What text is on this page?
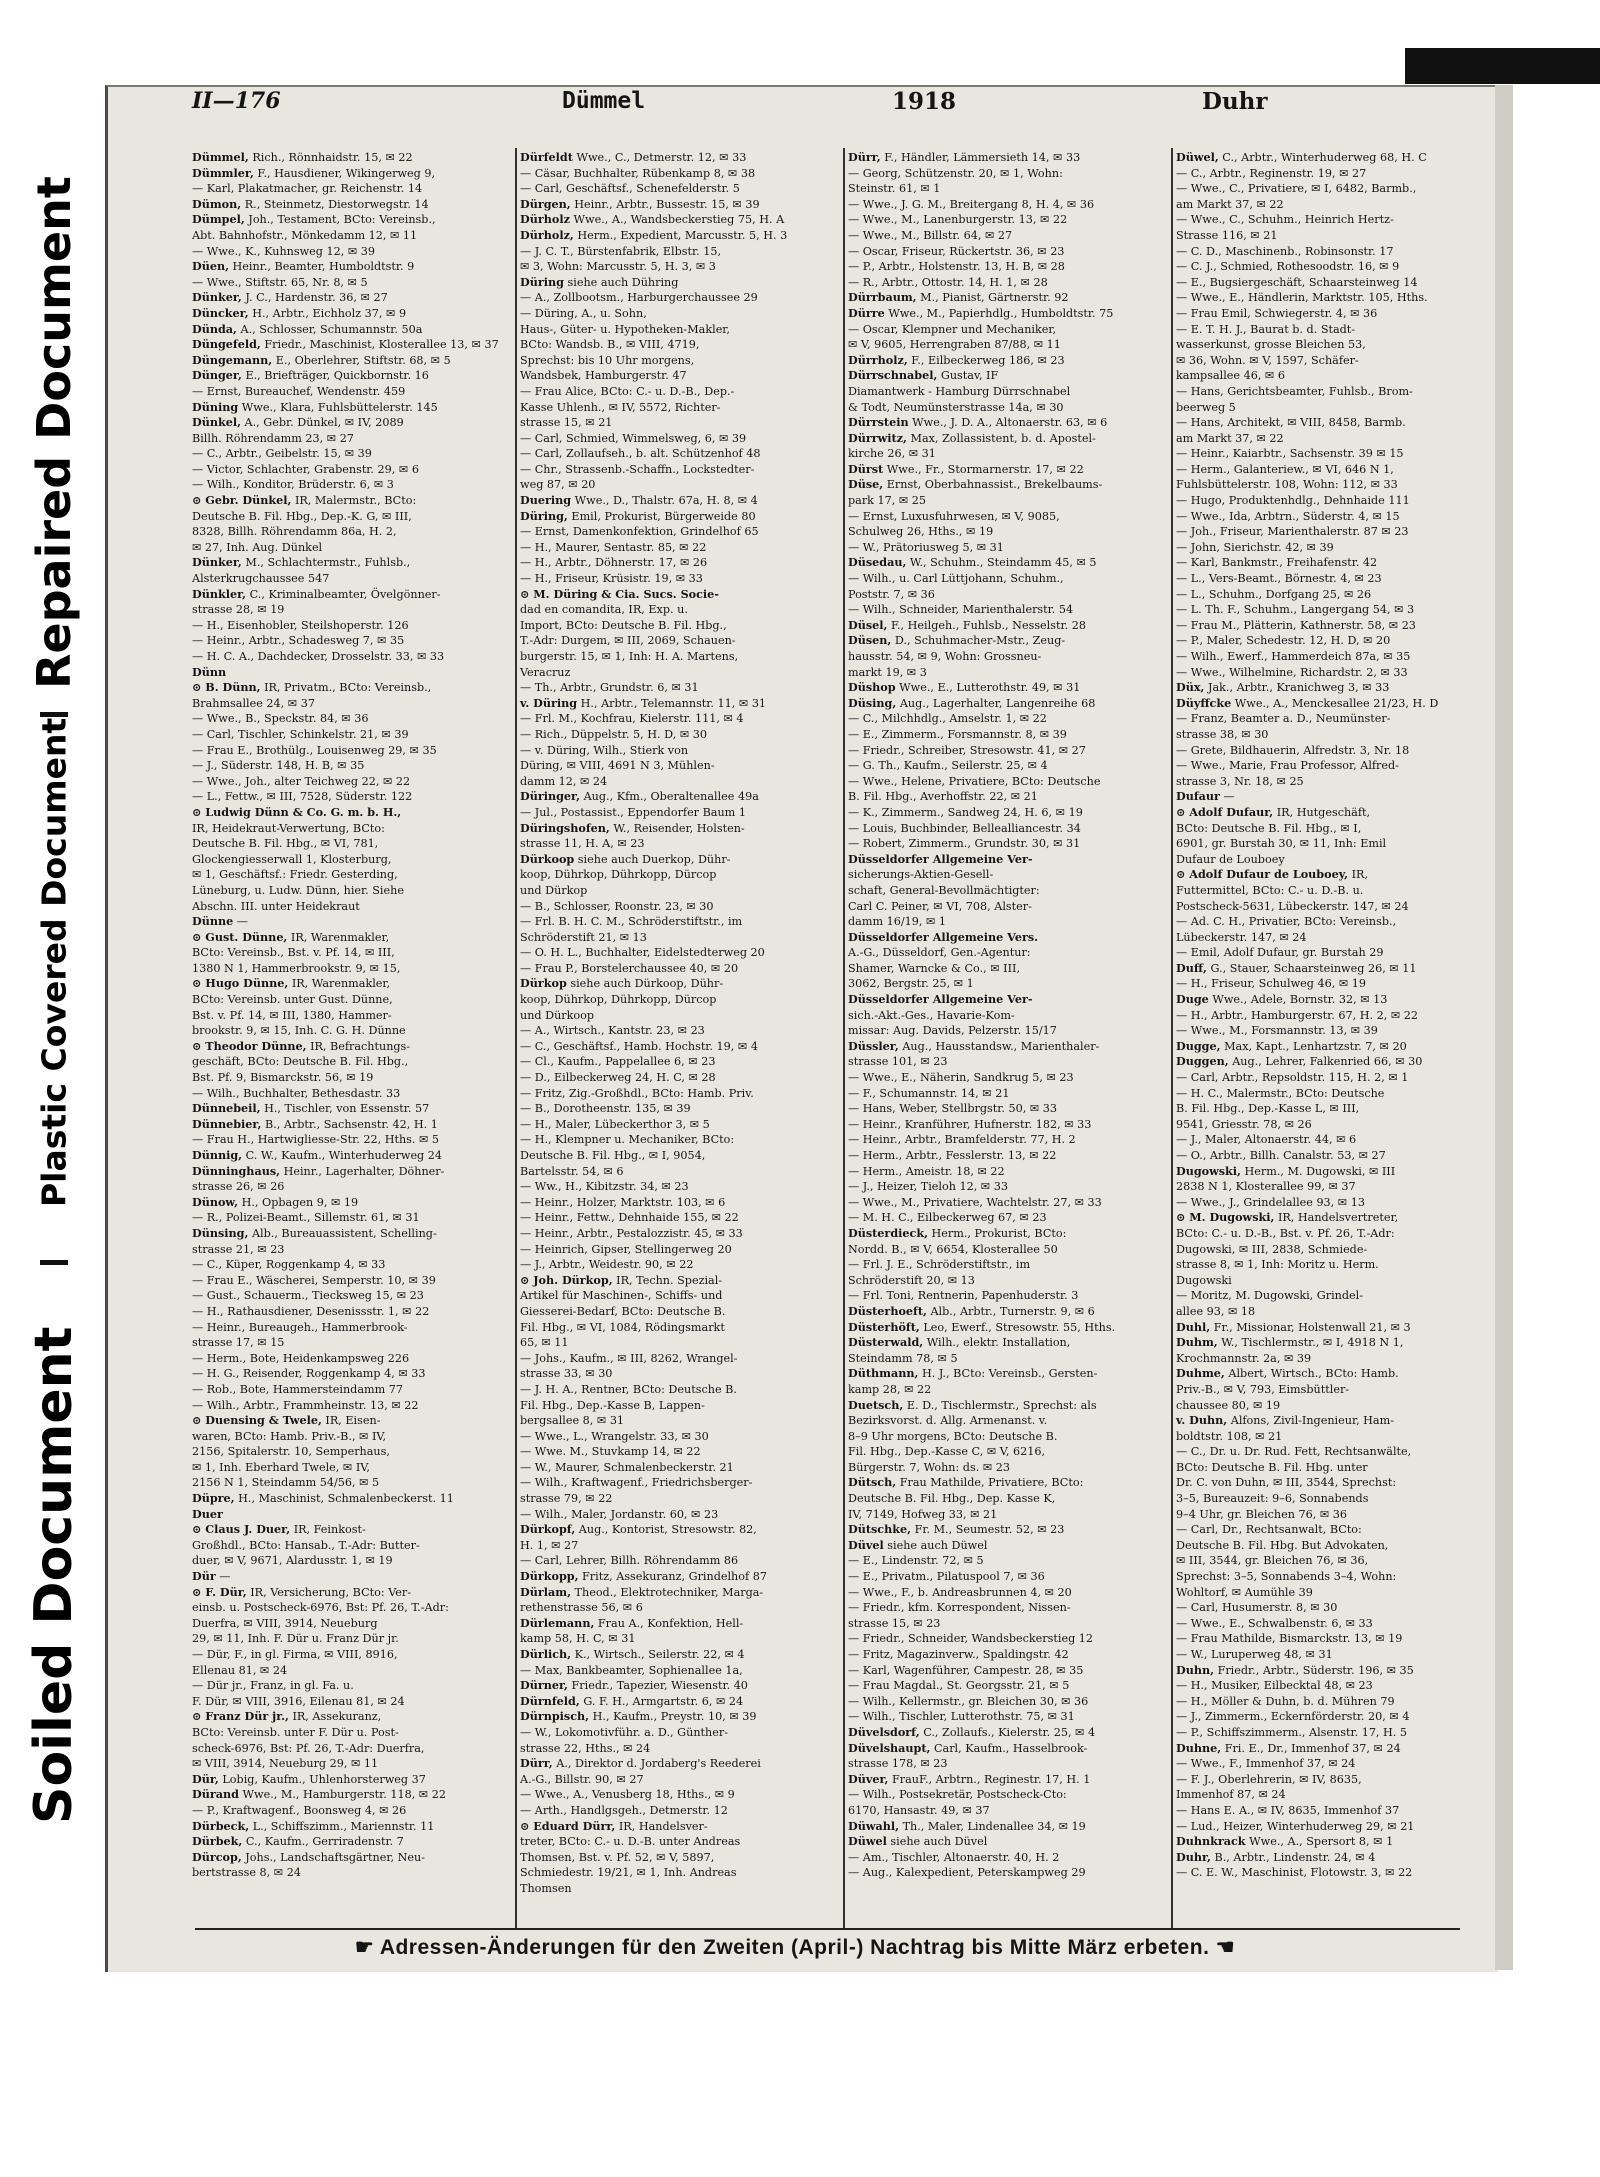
Repaired Document
Plastic Covered Document
Soiled Document
II—176	Dümmel	1918	Duhr

Dümmel, Rich., Rönnhaidstr. 15, ✉ 22

Dümmler, F., Hausdiener, Wikingerweg 9,

— Karl, Plakatmacher, gr. Reichenstr. 14

Dümon, R., Steinmetz, Diestorwegstr. 14

Dümpel, Joh., Testament, BCto: Vereinsb.,

Abt. Bahnhofstr., Mönkedamm 12, ✉ 11

— Wwe., K., Kuhnsweg 12, ✉ 39

Düen, Heinr., Beamter, Humboldtstr. 9

— Wwe., Stiftstr. 65, Nr. 8, ✉ 5

Dünker, J. C., Hardenstr. 36, ✉ 27

Düncker, H., Arbtr., Eichholz 37, ✉ 9

Dünda, A., Schlosser, Schumannstr. 50a

Düngefeld, Friedr., Maschinist, Klosterallee 13, ✉ 37

Düngemann, E., Oberlehrer, Stiftstr. 68, ✉ 5

Dünger, E., Briefträger, Quickbornstr. 16

— Ernst, Bureauchef, Wendenstr. 459

Düning Wwe., Klara, Fuhlsbüttelerstr. 145

Dünkel, A., Gebr. Dünkel, ✉ IV, 2089

Billh. Röhrendamm 23, ✉ 27

— C., Arbtr., Geibelstr. 15, ✉ 39

— Victor, Schlachter, Grabenstr. 29, ✉ 6

— Wilh., Konditor, Brüderstr. 6, ✉ 3

⊙ Gebr. Dünkel, IR, Malermstr., BCto:

Deutsche B. Fil. Hbg., Dep.-K. G, ✉ III,

8328, Billh. Röhrendamm 86a, H. 2,

✉ 27, Inh. Aug. Dünkel

Dünker, M., Schlachtermstr., Fuhlsb.,

Alsterkrugchaussee 547

Dünkler, C., Kriminalbeamter, Övelgönner-

strasse 28, ✉ 19

— H., Eisenhobler, Steilshoperstr. 126

— Heinr., Arbtr., Schadesweg 7, ✉ 35

— H. C. A., Dachdecker, Drosselstr. 33, ✉ 33

Dünn

⊙ B. Dünn, IR, Privatm., BCto: Vereinsb.,

Brahmsallee 24, ✉ 37

— Wwe., B., Speckstr. 84, ✉ 36

— Carl, Tischler, Schinkelstr. 21, ✉ 39

— Frau E., Brothülg., Louisenweg 29, ✉ 35

— J., Süderstr. 148, H. B, ✉ 35

— Wwe., Joh., alter Teichweg 22, ✉ 22

— L., Fettw., ✉ III, 7528, Süderstr. 122

⊙ Ludwig Dünn & Co. G. m. b. H.,

IR, Heidekraut-Verwertung, BCto:

Deutsche B. Fil. Hbg., ✉ VI, 781,

Glockengiesserwall 1, Klosterburg,

✉ 1, Geschäftsf.: Friedr. Gesterding,

Lüneburg, u. Ludw. Dünn, hier. Siehe

Abschn. III. unter Heidekraut

Dünne —

⊙ Gust. Dünne, IR, Warenmakler,

BCto: Vereinsb., Bst. v. Pf. 14, ✉ III,

1380 N 1, Hammerbrookstr. 9, ✉ 15,

⊙ Hugo Dünne, IR, Warenmakler,

BCto: Vereinsb. unter Gust. Dünne,

Bst. v. Pf. 14, ✉ III, 1380, Hammer-

brookstr. 9, ✉ 15, Inh. C. G. H. Dünne

⊙ Theodor Dünne, IR, Befrachtungs-

geschäft, BCto: Deutsche B. Fil. Hbg.,

Bst. Pf. 9, Bismarckstr. 56, ✉ 19

— Wilh., Buchhalter, Bethesdastr. 33

Dünnebeil, H., Tischler, von Essenstr. 57

Dünnebier, B., Arbtr., Sachsenstr. 42, H. 1

— Frau H., Hartwigliesse-Str. 22, Hths. ✉ 5

Dünnig, C. W., Kaufm., Winterhuderweg 24

Dünninghaus, Heinr., Lagerhalter, Döhner-

strasse 26, ✉ 26

Dünow, H., Opbagen 9, ✉ 19

— R., Polizei-Beamt., Sillemstr. 61, ✉ 31

Dünsing, Alb., Bureauassistent, Schelling-

strasse 21, ✉ 23

— C., Küper, Roggenkamp 4, ✉ 33

— Frau E., Wäscherei, Semperstr. 10, ✉ 39

— Gust., Schauerm., Tiecksweg 15, ✉ 23

— H., Rathausdiener, Desenissstr. 1, ✉ 22

— Heinr., Bureaugeh., Hammerbrook-

strasse 17, ✉ 15

— Herm., Bote, Heidenkampsweg 226

— H. G., Reisender, Roggenkamp 4, ✉ 33

— Rob., Bote, Hammersteindamm 77

— Wilh., Arbtr., Frammheinstr. 13, ✉ 22

⊙ Duensing & Twele, IR, Eisen-

waren, BCto: Hamb. Priv.-B., ✉ IV,

2156, Spitalerstr. 10, Semperhaus,

✉ 1, Inh. Eberhard Twele, ✉ IV,

2156 N 1, Steindamm 54/56, ✉ 5

Düpre, H., Maschinist, Schmalenbeckerst. 11

Duer

⊙ Claus J. Duer, IR, Feinkost-

Großhdl., BCto: Hansab., T.-Adr: Butter-

duer, ✉ V, 9671, Alardusstr. 1, ✉ 19

Dür —

⊙ F. Dür, IR, Versicherung, BCto: Ver-

einsb. u. Postscheck-6976, Bst: Pf. 26, T.-Adr:

Duerfra, ✉ VIII, 3914, Neueburg

29, ✉ 11, Inh. F. Dür u. Franz Dür jr.

— Dür, F., in gl. Firma, ✉ VIII, 8916,

Ellenau 81, ✉ 24

— Dür jr., Franz, in gl. Fa. u.

F. Dür, ✉ VIII, 3916, Eilenau 81, ✉ 24

⊙ Franz Dür jr., IR, Assekuranz,

BCto: Vereinsb. unter F. Dür u. Post-

scheck-6976, Bst: Pf. 26, T.-Adr: Duerfra,

✉ VIII, 3914, Neueburg 29, ✉ 11

Dür, Lobig, Kaufm., Uhlenhorsterweg 37

Dürand Wwe., M., Hamburgerstr. 118, ✉ 22

— P., Kraftwagenf., Boonsweg 4, ✉ 26

Dürbeck, L., Schiffszimm., Mariennstr. 11

Dürbek, C., Kaufm., Gerriradenstr. 7

Dürcop, Johs., Landschaftsgärtner, Neu-

bertstrasse 8, ✉ 24

Dürfeldt Wwe., C., Detmerstr. 12, ✉ 33

— Cäsar, Buchhalter, Rübenkamp 8, ✉ 38

— Carl, Geschäftsf., Schenefelderstr. 5

Dürgen, Heinr., Arbtr., Bussestr. 15, ✉ 39

Dürholz Wwe., A., Wandsbeckerstieg 75, H. A

Dürholz, Herm., Expedient, Marcusstr. 5, H. 3

— J. C. T., Bürstenfabrik, Elbstr. 15,

✉ 3, Wohn: Marcusstr. 5, H. 3, ✉ 3

Düring siehe auch Dühring

— A., Zollbootsm., Harburgerchaussee 29

— Düring, A., u. Sohn,

Haus-, Güter- u. Hypotheken-Makler,

BCto: Wandsb. B., ✉ VIII, 4719,

Sprechst: bis 10 Uhr morgens,

Wandsbek, Hamburgerstr. 47

— Frau Alice, BCto: C.- u. D.-B., Dep.-

Kasse Uhlenh., ✉ IV, 5572, Richter-

strasse 15, ✉ 21

— Carl, Schmied, Wimmelsweg, 6, ✉ 39

— Carl, Zollaufseh., b. alt. Schützenhof 48

— Chr., Strassenb.-Schaffn., Lockstedter-

weg 87, ✉ 20

Duering Wwe., D., Thalstr. 67a, H. 8, ✉ 4

Düring, Emil, Prokurist, Bürgerweide 80

— Ernst, Damenkonfektion, Grindelhof 65

— H., Maurer, Sentastr. 85, ✉ 22

— H., Arbtr., Döhnerstr. 17, ✉ 26

— H., Friseur, Krüsistr. 19, ✉ 33

⊙ M. Düring & Cia. Sucs. Socie-

dad en comandita, IR, Exp. u.

Import, BCto: Deutsche B. Fil. Hbg.,

T.-Adr: Durgem, ✉ III, 2069, Schauen-

burgerstr. 15, ✉ 1, Inh: H. A. Martens,

Veracruz

— Th., Arbtr., Grundstr. 6, ✉ 31

v. Düring H., Arbtr., Telemannstr. 11, ✉ 31

— Frl. M., Kochfrau, Kielerstr. 111, ✉ 4

— Rich., Düppelstr. 5, H. D, ✉ 30

— v. Düring, Wilh., Stierk von

Düring, ✉ VIII, 4691 N 3, Mühlen-

damm 12, ✉ 24

Düringer, Aug., Kfm., Oberaltenallee 49a

— Jul., Postassist., Eppendorfer Baum 1

Düringshofen, W., Reisender, Holsten-

strasse 11, H. A, ✉ 23

Dürkoop siehe auch Duerkop, Dühr-

koop, Dührkop, Dührkopp, Dürcop

und Dürkop

— B., Schlosser, Roonstr. 23, ✉ 30

— Frl. B. H. C. M., Schröderstiftstr., im

Schröderstift 21, ✉ 13

— O. H. L., Buchhalter, Eidelstedterweg 20

— Frau P., Borstelerchaussee 40, ✉ 20

Dürkop siehe auch Dürkoop, Dühr-

koop, Dührkop, Dührkopp, Dürcop

und Dürkoop

— A., Wirtsch., Kantstr. 23, ✉ 23

— C., Geschäftsf., Hamb. Hochstr. 19, ✉ 4

— Cl., Kaufm., Pappelallee 6, ✉ 23

— D., Eilbeckerweg 24, H. C, ✉ 28

— Fritz, Zig.-Großhdl., BCto: Hamb. Priv.

— B., Dorotheenstr. 135, ✉ 39

— H., Maler, Lübeckerthor 3, ✉ 5

— H., Klempner u. Mechaniker, BCto:

Deutsche B. Fil. Hbg., ✉ I, 9054,

Bartelsstr. 54, ✉ 6

— Ww., H., Kibitzstr. 34, ✉ 23

— Heinr., Holzer, Marktstr. 103, ✉ 6

— Heinr., Fettw., Dehnhaide 155, ✉ 22

— Heinr., Arbtr., Pestalozzistr. 45, ✉ 33

— Heinrich, Gipser, Stellingerweg 20

— J., Arbtr., Weidestr. 90, ✉ 22

⊙ Joh. Dürkop, IR, Techn. Spezial-

Artikel für Maschinen-, Schiffs- und

Giesserei-Bedarf, BCto: Deutsche B.

Fil. Hbg., ✉ VI, 1084, Rödingsmarkt

65, ✉ 11

— Johs., Kaufm., ✉ III, 8262, Wrangel-

strasse 33, ✉ 30

— J. H. A., Rentner, BCto: Deutsche B.

Fil. Hbg., Dep.-Kasse B, Lappen-

bergsallee 8, ✉ 31

— Wwe., L., Wrangelstr. 33, ✉ 30

— Wwe. M., Stuvkamp 14, ✉ 22

— W., Maurer, Schmalenbeckerstr. 21

— Wilh., Kraftwagenf., Friedrichsberger-

strasse 79, ✉ 22

— Wilh., Maler, Jordanstr. 60, ✉ 23

Dürkopf, Aug., Kontorist, Stresowstr. 82,

H. 1, ✉ 27

— Carl, Lehrer, Billh. Röhrendamm 86

Dürkopp, Fritz, Assekuranz, Grindelhof 87

Dürlam, Theod., Elektrotechniker, Marga-

rethenstrasse 56, ✉ 6

Dürlemann, Frau A., Konfektion, Hell-

kamp 58, H. C, ✉ 31

Dürlich, K., Wirtsch., Seilerstr. 22, ✉ 4

— Max, Bankbeamter, Sophienallee 1a,

Dürner, Friedr., Tapezier, Wiesenstr. 40

Dürnfeld, G. F. H., Armgartstr. 6, ✉ 24

Dürnpisch, H., Kaufm., Preystr. 10, ✉ 39

— W., Lokomotivführ. a. D., Günther-

strasse 22, Hths., ✉ 24

Dürr, A., Direktor d. Jordaberg's Reederei

A.-G., Billstr. 90, ✉ 27

— Wwe., A., Venusberg 18, Hths., ✉ 9

— Arth., Handlgsgeh., Detmerstr. 12

⊙ Eduard Dürr, IR, Handelsver-

treter, BCto: C.- u. D.-B. unter Andreas

Thomsen, Bst. v. Pf. 52, ✉ V, 5897,

Schmiedestr. 19/21, ✉ 1, Inh. Andreas

Thomsen

Dürr, F., Händler, Lämmersieth 14, ✉ 33

— Georg, Schützenstr. 20, ✉ 1, Wohn:

Steinstr. 61, ✉ 1

— Wwe., J. G. M., Breitergang 8, H. 4, ✉ 36

— Wwe., M., Lanenburgerstr. 13, ✉ 22

— Wwe., M., Billstr. 64, ✉ 27

— Oscar, Friseur, Rückertstr. 36, ✉ 23

— P., Arbtr., Holstenstr. 13, H. B, ✉ 28

— R., Arbtr., Ottostr. 14, H. 1, ✉ 28

Dürrbaum, M., Pianist, Gärtnerstr. 92

Dürre Wwe., M., Papierhdlg., Humboldtstr. 75

— Oscar, Klempner und Mechaniker,

✉ V, 9605, Herrengraben 87/88, ✉ 11

Dürrholz, F., Eilbeckerweg 186, ✉ 23

Dürrschnabel, Gustav, IF

Diamantwerk - Hamburg Dürrschnabel

& Todt, Neumünsterstrasse 14a, ✉ 30

Dürrstein Wwe., J. D. A., Altonaerstr. 63, ✉ 6

Dürrwitz, Max, Zollassistent, b. d. Apostel-

kirche 26, ✉ 31

Dürst Wwe., Fr., Stormarnerstr. 17, ✉ 22

Düse, Ernst, Oberbahnassist., Brekelbaums-

park 17, ✉ 25

— Ernst, Luxusfuhrwesen, ✉ V, 9085,

Schulweg 26, Hths., ✉ 19

— W., Prätoriusweg 5, ✉ 31

Düsedau, W., Schuhm., Steindamm 45, ✉ 5

— Wilh., u. Carl Lüttjohann, Schuhm.,

Poststr. 7, ✉ 36

— Wilh., Schneider, Marienthalerstr. 54

Düsel, F., Heilgeh., Fuhlsb., Nesselstr. 28

Düsen, D., Schuhmacher-Mstr., Zeug-

hausstr. 54, ✉ 9, Wohn: Grossneu-

markt 19, ✉ 3

Düshop Wwe., E., Lutterothstr. 49, ✉ 31

Düsing, Aug., Lagerhalter, Langenreihe 68

— C., Milchhdlg., Amselstr. 1, ✉ 22

— E., Zimmerm., Forsmannstr. 8, ✉ 39

— Friedr., Schreiber, Stresowstr. 41, ✉ 27

— G. Th., Kaufm., Seilerstr. 25, ✉ 4

— Wwe., Helene, Privatiere, BCto: Deutsche

B. Fil. Hbg., Averhoffstr. 22, ✉ 21

— K., Zimmerm., Sandweg 24, H. 6, ✉ 19

— Louis, Buchbinder, Bellealliancestr. 34

— Robert, Zimmerm., Grundstr. 30, ✉ 31

Düsseldorfer Allgemeine Ver-

sicherungs-Aktien-Gesell-

schaft, General-Bevollmächtigter:

Carl C. Peiner, ✉ VI, 708, Alster-

damm 16/19, ✉ 1

Düsseldorfer Allgemeine Vers.

A.-G., Düsseldorf, Gen.-Agentur:

Shamer, Warncke & Co., ✉ III,

3062, Bergstr. 25, ✉ 1

Düsseldorfer Allgemeine Ver-

sich.-Akt.-Ges., Havarie-Kom-

missar: Aug. Davids, Pelzerstr. 15/17

Düssler, Aug., Hausstandsw., Marienthaler-

strasse 101, ✉ 23

— Wwe., E., Näherin, Sandkrug 5, ✉ 23

— F., Schumannstr. 14, ✉ 21

— Hans, Weber, Stellbrgstr. 50, ✉ 33

— Heinr., Kranführer, Hufnerstr. 182, ✉ 33

— Heinr., Arbtr., Bramfelderstr. 77, H. 2

— Herm., Arbtr., Fesslerstr. 13, ✉ 22

— Herm., Ameistr. 18, ✉ 22

— J., Heizer, Tieloh 12, ✉ 33

— Wwe., M., Privatiere, Wachtelstr. 27, ✉ 33

— M. H. C., Eilbeckerweg 67, ✉ 23

Düsterdieck, Herm., Prokurist, BCto:

Nordd. B., ✉ V, 6654, Klosterallee 50

— Frl. J. E., Schröderstiftstr., im

Schröderstift 20, ✉ 13

— Frl. Toni, Rentnerin, Papenhuderstr. 3

Düsterhoeft, Alb., Arbtr., Turnerstr. 9, ✉ 6

Düsterhöft, Leo, Ewerf., Stresowstr. 55, Hths.

Düsterwald, Wilh., elektr. Installation,

Steindamm 78, ✉ 5

Düthmann, H. J., BCto: Vereinsb., Gersten-

kamp 28, ✉ 22

Duetsch, E. D., Tischlermstr., Sprechst: als

Bezirksvorst. d. Allg. Armenanst. v.

8–9 Uhr morgens, BCto: Deutsche B.

Fil. Hbg., Dep.-Kasse C, ✉ V, 6216,

Bürgerstr. 7, Wohn: ds. ✉ 23

Dütsch, Frau Mathilde, Privatiere, BCto:

Deutsche B. Fil. Hbg., Dep. Kasse K,

IV, 7149, Hofweg 33, ✉ 21

Dütschke, Fr. M., Seumestr. 52, ✉ 23

Düvel siehe auch Düwel

— E., Lindenstr. 72, ✉ 5

— E., Privatm., Pilatuspool 7, ✉ 36

— Wwe., F., b. Andreasbrunnen 4, ✉ 20

— Friedr., kfm. Korrespondent, Nissen-

strasse 15, ✉ 23

— Friedr., Schneider, Wandsbeckerstieg 12

— Fritz, Magazinverw., Spaldingstr. 42

— Karl, Wagenführer, Campestr. 28, ✉ 35

— Frau Magdal., St. Georgsstr. 21, ✉ 5

— Wilh., Kellermstr., gr. Bleichen 30, ✉ 36

— Wilh., Tischler, Lutterothstr. 75, ✉ 31

Düvelsdorf, C., Zollaufs., Kielerstr. 25, ✉ 4

Düvelshaupt, Carl, Kaufm., Hasselbrook-

strasse 178, ✉ 23

Düver, FrauF., Arbtrn., Reginestr. 17, H. 1

— Wilh., Postsekretär, Postscheck-Cto:

6170, Hansastr. 49, ✉ 37

Düwahl, Th., Maler, Lindenallee 34, ✉ 19

Düwel siehe auch Düvel

— Am., Tischler, Altonaerstr. 40, H. 2

— Aug., Kalexpedient, Peterskampweg 29

Düwel, C., Arbtr., Winterhuderweg 68, H. C

— C., Arbtr., Reginenstr. 19, ✉ 27

— Wwe., C., Privatiere, ✉ I, 6482, Barmb.,

am Markt 37, ✉ 22

— Wwe., C., Schuhm., Heinrich Hertz-

Strasse 116, ✉ 21

— C. D., Maschinenb., Robinsonstr. 17

— C. J., Schmied, Rothesoodstr. 16, ✉ 9

— E., Bugsiergeschäft, Schaarsteinweg 14

— Wwe., E., Händlerin, Marktstr. 105, Hths.

— Frau Emil, Schwiegerstr. 4, ✉ 36

— E. T. H. J., Baurat b. d. Stadt-

wasserkunst, grosse Bleichen 53,

✉ 36, Wohn. ✉ V, 1597, Schäfer-

kampsallee 46, ✉ 6

— Hans, Gerichtsbeamter, Fuhlsb., Brom-

beerweg 5

— Hans, Architekt, ✉ VIII, 8458, Barmb.

am Markt 37, ✉ 22

— Heinr., Kaiarbtr., Sachsenstr. 39 ✉ 15

— Herm., Galanteriew., ✉ VI, 646 N 1,

Fuhlsbüttelerstr. 108, Wohn: 112, ✉ 33

— Hugo, Produktenhdlg., Dehnhaide 111

— Wwe., Ida, Arbtrn., Süderstr. 4, ✉ 15

— Joh., Friseur, Marienthalerstr. 87 ✉ 23

— John, Sierichstr. 42, ✉ 39

— Karl, Bankmstr., Freihafenstr. 42

— L., Vers-Beamt., Börnestr. 4, ✉ 23

— L., Schuhm., Dorfgang 25, ✉ 26

— L. Th. F., Schuhm., Langergang 54, ✉ 3

— Frau M., Plätterin, Kathnerstr. 58, ✉ 23

— P., Maler, Schedestr. 12, H. D, ✉ 20

— Wilh., Ewerf., Hammerdeich 87a, ✉ 35

— Wwe., Wilhelmine, Richardstr. 2, ✉ 33

Düx, Jak., Arbtr., Kranichweg 3, ✉ 33

Düyffcke Wwe., A., Menckesallee 21/23, H. D

— Franz, Beamter a. D., Neumünster-

strasse 38, ✉ 30

— Grete, Bildhauerin, Alfredstr. 3, Nr. 18

— Wwe., Marie, Frau Professor, Alfred-

strasse 3, Nr. 18, ✉ 25

Dufaur —

⊙ Adolf Dufaur, IR, Hutgeschäft,

BCto: Deutsche B. Fil. Hbg., ✉ I,

6901, gr. Burstah 30, ✉ 11, Inh: Emil

Dufaur de Louboey

⊙ Adolf Dufaur de Louboey, IR,

Futtermittel, BCto: C.- u. D.-B. u.

Postscheck-5631, Lübeckerstr. 147, ✉ 24

— Ad. C. H., Privatier, BCto: Vereinsb.,

Lübeckerstr. 147, ✉ 24

— Emil, Adolf Dufaur, gr. Burstah 29

Duff, G., Stauer, Schaarsteinweg 26, ✉ 11

— H., Friseur, Schulweg 46, ✉ 19

Duge Wwe., Adele, Bornstr. 32, ✉ 13

— H., Arbtr., Hamburgerstr. 67, H. 2, ✉ 22

— Wwe., M., Forsmannstr. 13, ✉ 39

Dugge, Max, Kapt., Lenhartzstr. 7, ✉ 20

Duggen, Aug., Lehrer, Falkenried 66, ✉ 30

— Carl, Arbtr., Repsoldstr. 115, H. 2, ✉ 1

— H. C., Malermstr., BCto: Deutsche

B. Fil. Hbg., Dep.-Kasse L, ✉ III,

9541, Griesstr. 78, ✉ 26

— J., Maler, Altonaerstr. 44, ✉ 6

— O., Arbtr., Billh. Canalstr. 53, ✉ 27

Dugowski, Herm., M. Dugowski, ✉ III

2838 N 1, Klosterallee 99, ✉ 37

— Wwe., J., Grindelallee 93, ✉ 13

⊙ M. Dugowski, IR, Handelsvertreter,

BCto: C.- u. D.-B., Bst. v. Pf. 26, T.-Adr:

Dugowski, ✉ III, 2838, Schmiede-

strasse 8, ✉ 1, Inh: Moritz u. Herm.

Dugowski

— Moritz, M. Dugowski, Grindel-

allee 93, ✉ 18

Duhl, Fr., Missionar, Holstenwall 21, ✉ 3

Duhm, W., Tischlermstr., ✉ I, 4918 N 1,

Krochmannstr. 2a, ✉ 39

Duhme, Albert, Wirtsch., BCto: Hamb.

Priv.-B., ✉ V, 793, Eimsbüttler-

chaussee 80, ✉ 19

v. Duhn, Alfons, Zivil-Ingenieur, Ham-

boldtstr. 108, ✉ 21

— C., Dr. u. Dr. Rud. Fett, Rechtsanwälte,

BCto: Deutsche B. Fil. Hbg. unter

Dr. C. von Duhn, ✉ III, 3544, Sprechst:

3–5, Bureauzeit: 9–6, Sonnabends

9–4 Uhr, gr. Bleichen 76, ✉ 36

— Carl, Dr., Rechtsanwalt, BCto:

Deutsche B. Fil. Hbg. But Advokaten,

✉ III, 3544, gr. Bleichen 76, ✉ 36,

Sprechst: 3–5, Sonnabends 3–4, Wohn:

Wohltorf, ✉ Aumühle 39

— Carl, Husumerstr. 8, ✉ 30

— Wwe., E., Schwalbenstr. 6, ✉ 33

— Frau Mathilde, Bismarckstr. 13, ✉ 19

— W., Luruperweg 48, ✉ 31

Duhn, Friedr., Arbtr., Süderstr. 196, ✉ 35

— H., Musiker, Eilbecktal 48, ✉ 23

— H., Möller & Duhn, b. d. Mühren 79

— J., Zimmerm., Eckernförderstr. 20, ✉ 4

— P., Schiffszimmerm., Alsenstr. 17, H. 5

Duhne, Fri. E., Dr., Immenhof 37, ✉ 24

— Wwe., F., Immenhof 37, ✉ 24

— F. J., Oberlehrerin, ✉ IV, 8635,

Immenhof 87, ✉ 24

— Hans E. A., ✉ IV, 8635, Immenhof 37

— Lud., Heizer, Winterhuderweg 29, ✉ 21

Duhnkrack Wwe., A., Spersort 8, ✉ 1

Duhr, B., Arbtr., Lindenstr. 24, ✉ 4

— C. E. W., Maschinist, Flotowstr. 3, ✉ 22

☛ Adressen-Änderungen für den Zweiten (April-) Nachtrag bis Mitte März erbeten. ☚
